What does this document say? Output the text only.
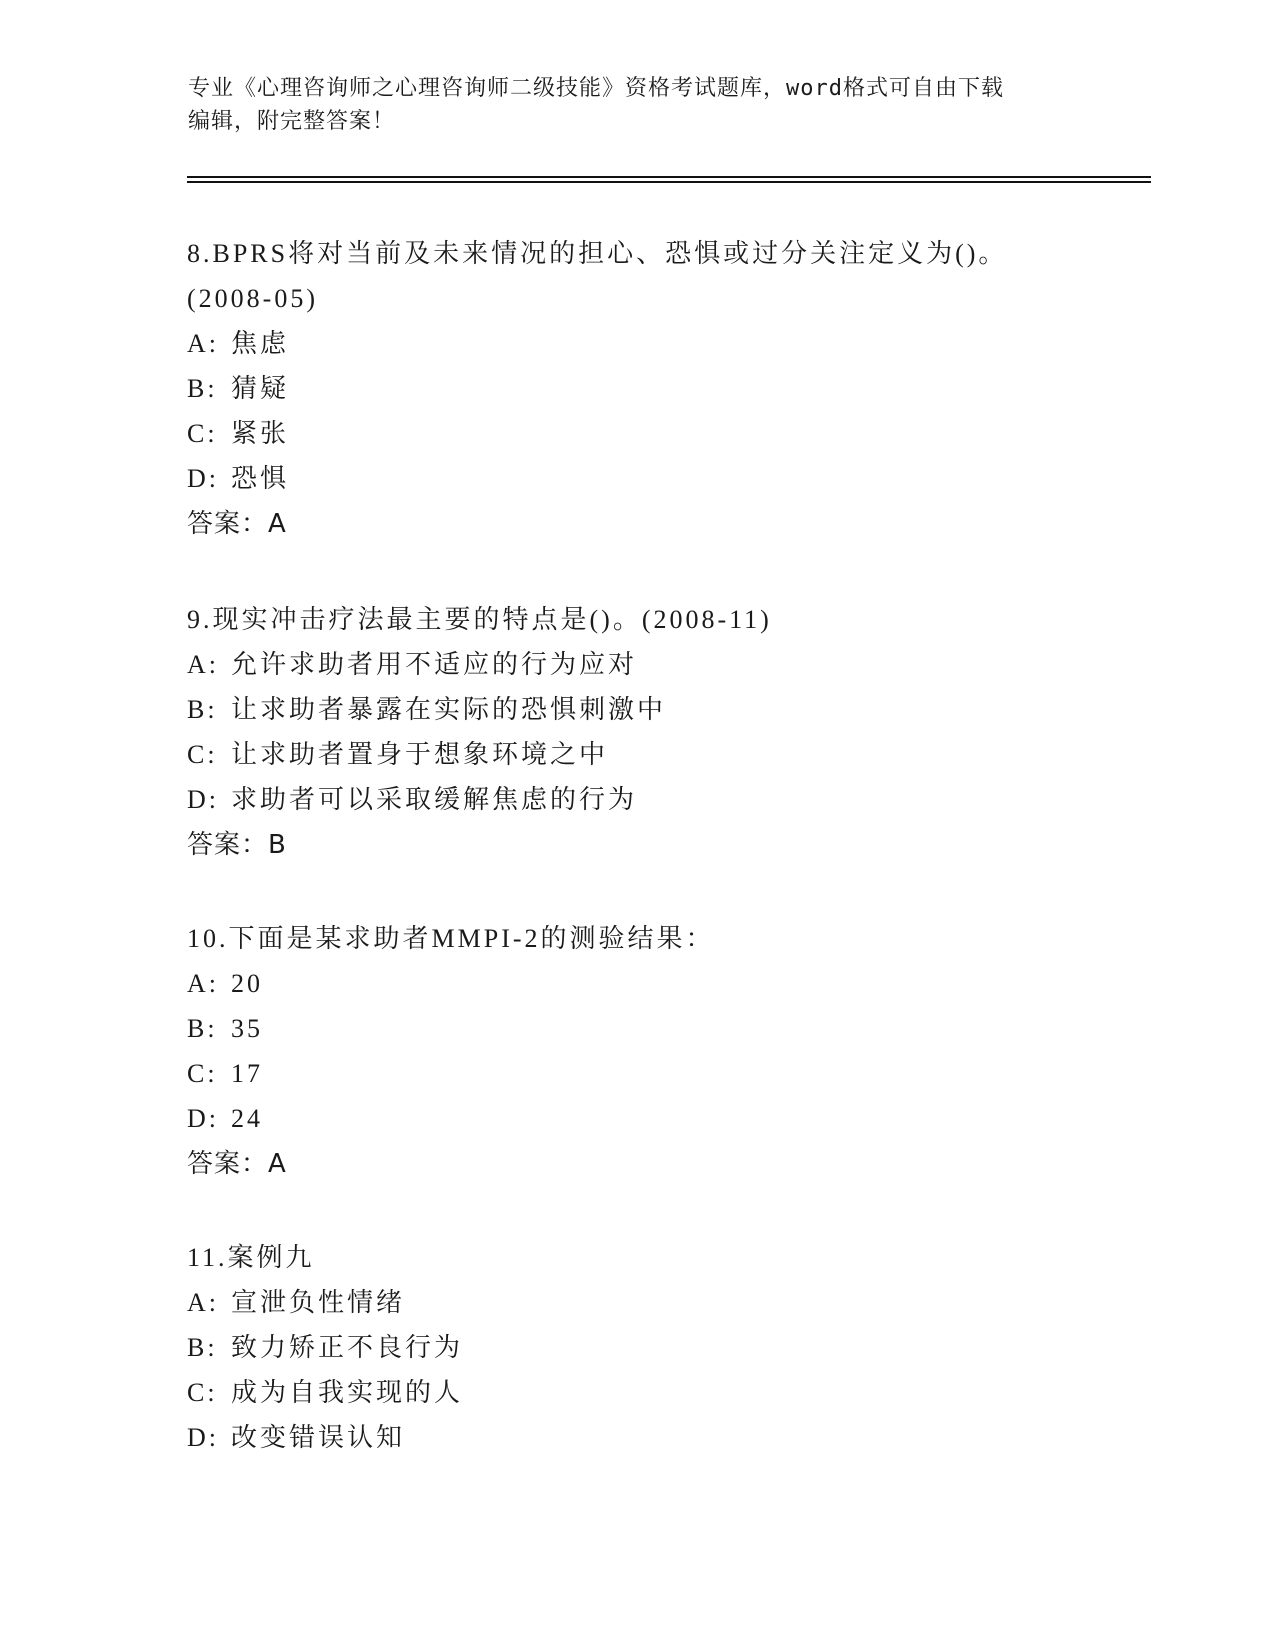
专业《心理咨询师之心理咨询师二级技能》资格考试题库，word格式可自由下载
编辑，附完整答案！
8.BPRS将对当前及未来情况的担心、恐惧或过分关注定义为()。
(2008-05)
A: 焦虑
B: 猜疑
C: 紧张
D: 恐惧
答案：A
9.现实冲击疗法最主要的特点是()。(2008-11)
A: 允许求助者用不适应的行为应对
B: 让求助者暴露在实际的恐惧刺激中
C: 让求助者置身于想象环境之中
D: 求助者可以采取缓解焦虑的行为
答案：B
10.下面是某求助者MMPI-2的测验结果：
A: 20
B: 35
C: 17
D: 24
答案：A
11.案例九
A: 宣泄负性情绪
B: 致力矫正不良行为
C: 成为自我实现的人
D: 改变错误认知
